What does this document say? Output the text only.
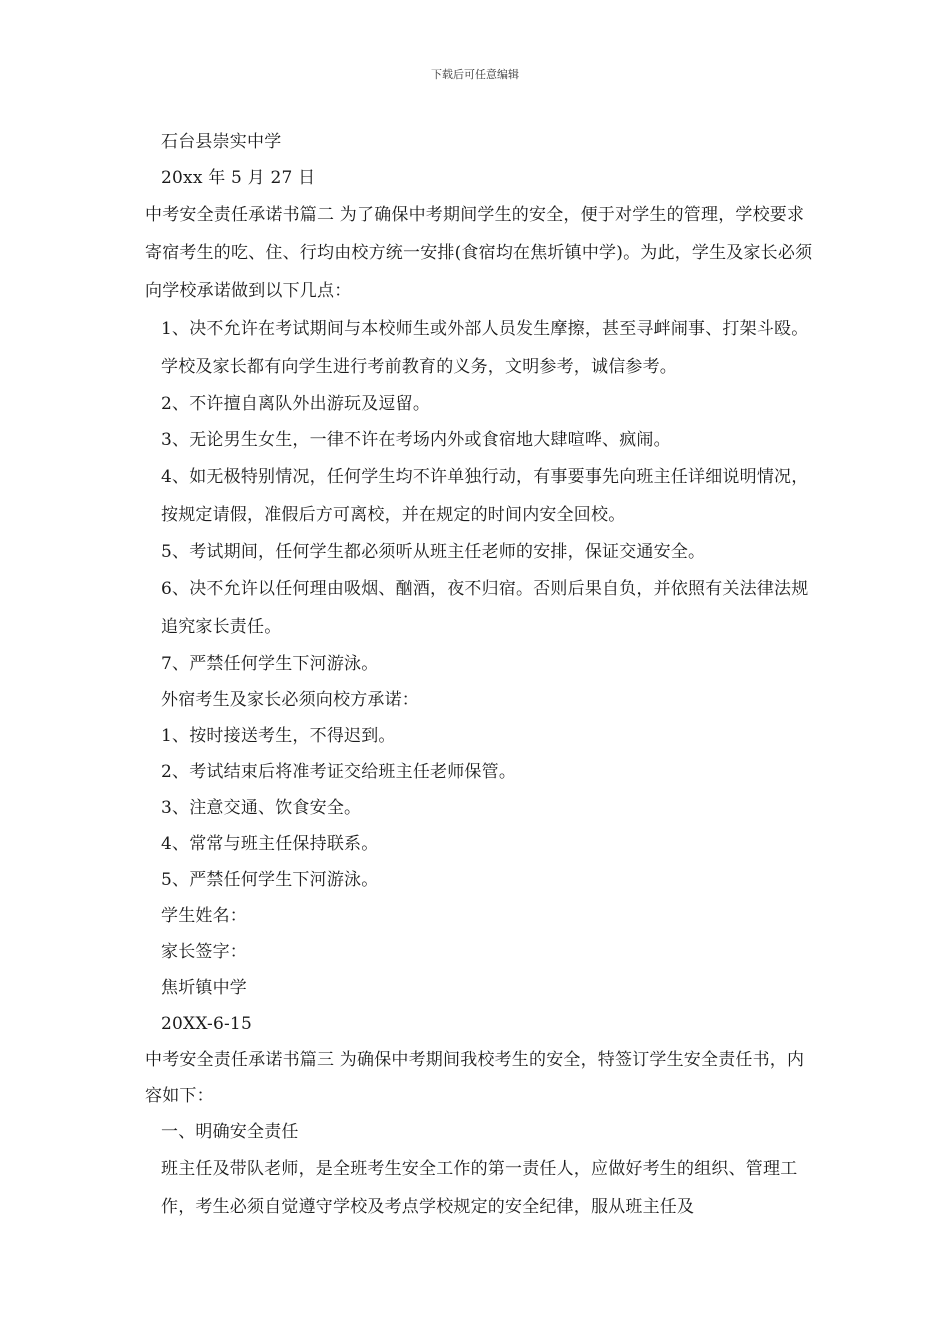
下载后可任意编辑

石台县崇实中学

20xx 年 5 月 27 日

中考安全责任承诺书篇二 为了确保中考期间学生的安全，便于对学生的管理，学校要求寄宿考生的吃、住、行均由校方统一安排(食宿均在焦圻镇中学)。为此，学生及家长必须向学校承诺做到以下几点：

1、决不允许在考试期间与本校师生或外部人员发生摩擦，甚至寻衅闹事、打架斗殴。学校及家长都有向学生进行考前教育的义务，文明参考，诚信参考。

2、不许擅自离队外出游玩及逗留。

3、无论男生女生，一律不许在考场内外或食宿地大肆喧哗、疯闹。

4、如无极特别情况，任何学生均不许单独行动，有事要事先向班主任详细说明情况，按规定请假，准假后方可离校，并在规定的时间内安全回校。

5、考试期间，任何学生都必须听从班主任老师的安排，保证交通安全。

6、决不允许以任何理由吸烟、酗酒，夜不归宿。否则后果自负，并依照有关法律法规追究家长责任。

7、严禁任何学生下河游泳。

外宿考生及家长必须向校方承诺：

1、按时接送考生，不得迟到。

2、考试结束后将准考证交给班主任老师保管。

3、注意交通、饮食安全。

4、常常与班主任保持联系。

5、严禁任何学生下河游泳。

学生姓名：

家长签字：

焦圻镇中学

20XX-6-15

中考安全责任承诺书篇三 为确保中考期间我校考生的安全，特签订学生安全责任书，内容如下：

一、明确安全责任

班主任及带队老师，是全班考生安全工作的第一责任人，应做好考生的组织、管理工作，考生必须自觉遵守学校及考点学校规定的安全纪律，服从班主任及
